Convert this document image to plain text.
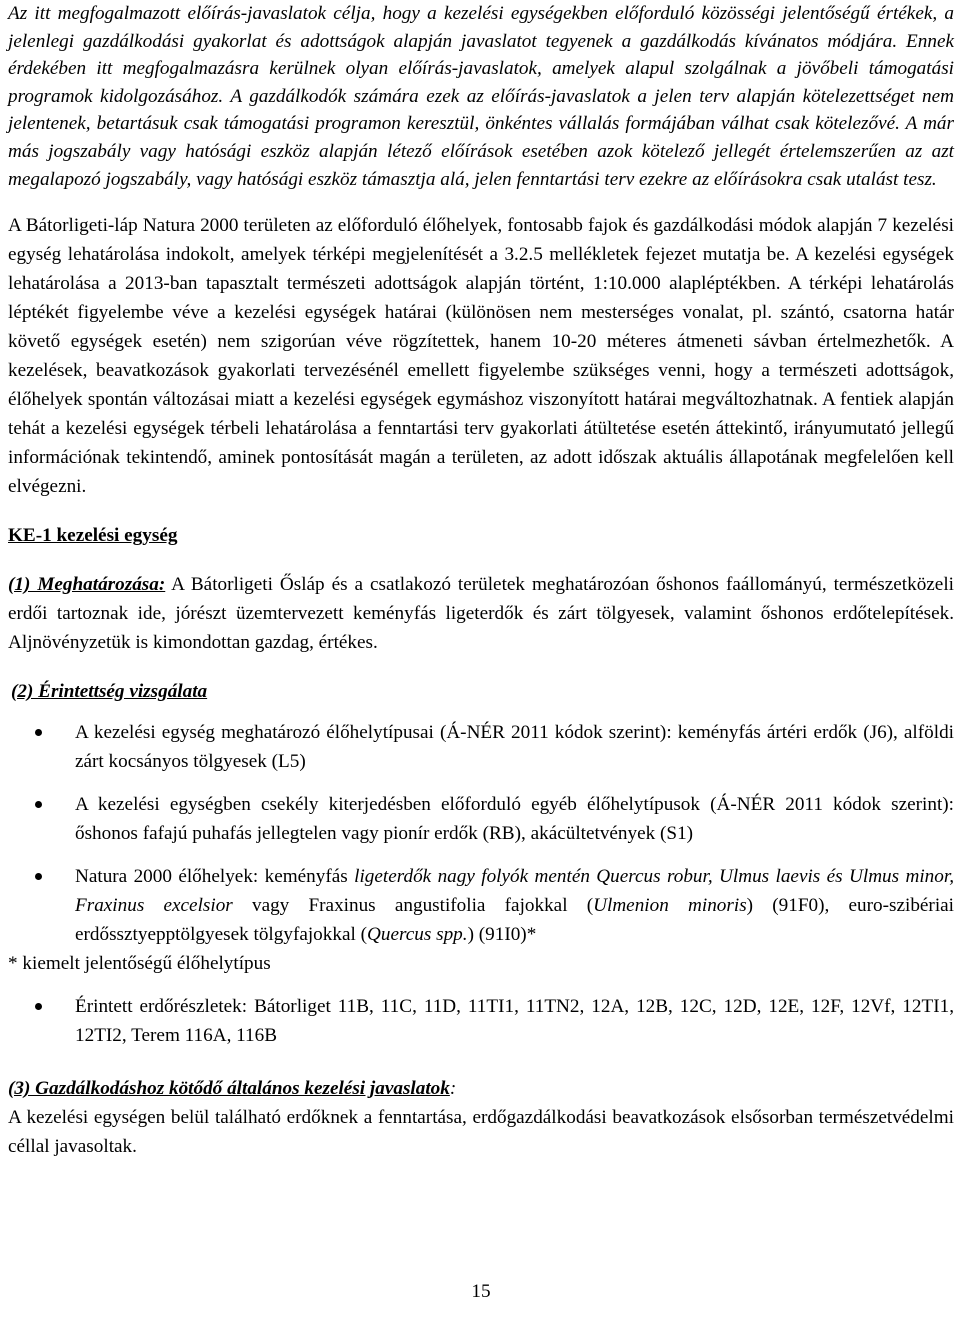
Az itt megfogalmazott előírás-javaslatok célja, hogy a kezelési egységekben előforduló közösségi jelentőségű értékek, a jelenlegi gazdálkodási gyakorlat és adottságok alapján javaslatot tegyenek a gazdálkodás kívánatos módjára. Ennek érdekében itt megfogalmazásra kerülnek olyan előírás-javaslatok, amelyek alapul szolgálnak a jövőbeli támogatási programok kidolgozásához. A gazdálkodók számára ezek az előírás-javaslatok a jelen terv alapján kötelezettséget nem jelentenek, betartásuk csak támogatási programon keresztül, önkéntes vállalás formájában válhat csak kötelezővé. A már más jogszabály vagy hatósági eszköz alapján létező előírások esetében azok kötelező jellegét értelemszerűen az azt megalapozó jogszabály, vagy hatósági eszköz támasztja alá, jelen fenntartási terv ezekre az előírásokra csak utalást tesz.

A Bátorligeti-láp Natura 2000 területen az előforduló élőhelyek, fontosabb fajok és gazdálkodási módok alapján 7 kezelési egység lehatárolása indokolt, amelyek térképi megjelenítését a 3.2.5 mellékletek fejezet mutatja be. A kezelési egységek lehatárolása a 2013-ban tapasztalt természeti adottságok alapján történt, 1:10.000 alapléptékben. A térképi lehatárolás léptékét figyelembe véve a kezelési egységek határai (különösen nem mesterséges vonalat, pl. szántó, csatorna határ követő egységek esetén) nem szigorúan véve rögzítettek, hanem 10-20 méteres átmeneti sávban értelmezhetők. A kezelések, beavatkozások gyakorlati tervezésénél emellett figyelembe szükséges venni, hogy a természeti adottságok, élőhelyek spontán változásai miatt a kezelési egységek egymáshoz viszonyított határai megváltozhatnak. A fentiek alapján tehát a kezelési egységek térbeli lehatárolása a fenntartási terv gyakorlati átültetése esetén áttekintő, irányumutató jellegű információnak tekintendő, aminek pontosítását magán a területen, az adott időszak aktuális állapotának megfelelően kell elvégezni.

KE-1 kezelési egység

(1) Meghatározása: A Bátorligeti Ősláp és a csatlakozó területek meghatározóan őshonos faállományú, természetközeli erdői tartoznak ide, jórészt üzemtervezett keményfás ligeterdők és zárt tölgyesek, valamint őshonos erdőtelepítések. Aljnövényzetük is kimondottan gazdag, értékes.

(2) Érintettség vizsgálata

A kezelési egység meghatározó élőhelytípusai (Á-NÉR 2011 kódok szerint): keményfás ártéri erdők (J6), alföldi zárt kocsányos tölgyesek (L5)
A kezelési egységben csekély kiterjedésben előforduló egyéb élőhelytípusok (Á-NÉR 2011 kódok szerint): őshonos fafajú puhafás jellegtelen vagy pionír erdők (RB), akácültetvények (S1)
Natura 2000 élőhelyek: keményfás ligeterdők nagy folyók mentén Quercus robur, Ulmus laevis és Ulmus minor, Fraxinus excelsior vagy Fraxinus angustifolia fajokkal (Ulmenion minoris) (91F0), euro-szibériai erdőssztyepptölgyesek tölgyfajokkal (Quercus spp.) (91I0)*

* kiemelt jelentőségű élőhelytípus

Érintett erdőrészletek: Bátorliget 11B, 11C, 11D, 11TI1, 11TN2, 12A, 12B, 12C, 12D, 12E, 12F, 12Vf, 12TI1, 12TI2, Terem 116A, 116B

(3) Gazdálkodáshoz kötődő általános kezelési javaslatok:

A kezelési egységen belül található erdőknek a fenntartása, erdőgazdálkodási beavatkozások elsősorban természetvédelmi céllal javasoltak.

15
